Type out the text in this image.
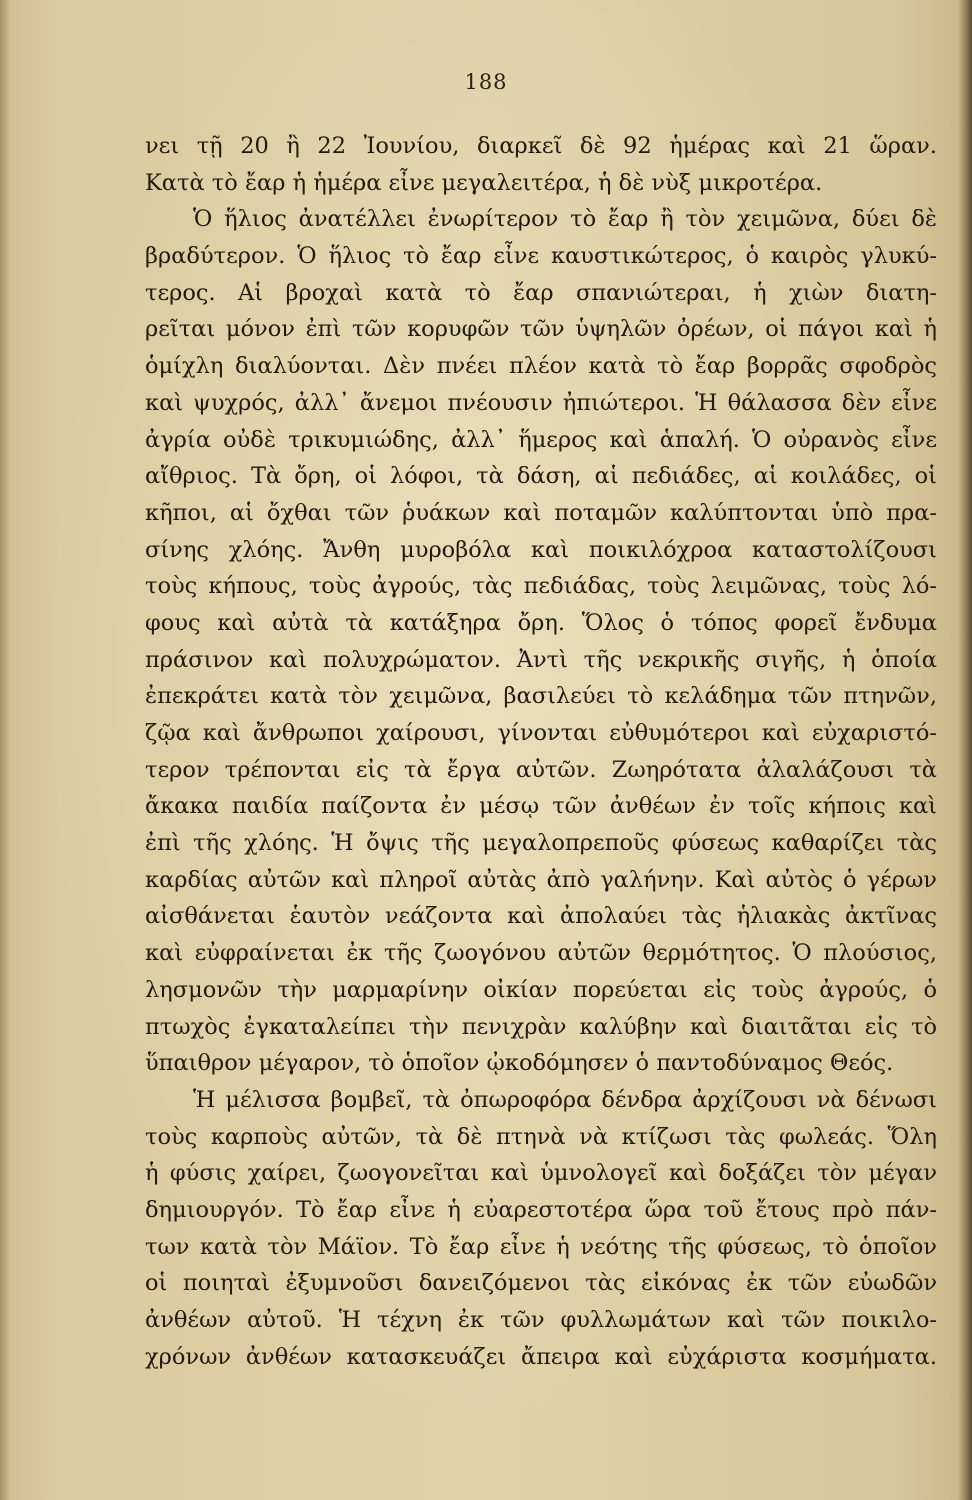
188
νει τῇ 20 ἢ 22 Ἰουνίου, διαρκεῖ δὲ 92 ἡμέρας καὶ 21 ὥραν.
Κατὰ τὸ ἔαρ ἡ ἡμέρα εἶνε μεγαλειτέρα, ἡ δὲ νὺξ μικροτέρα.
Ὁ ἥλιος ἀνατέλλει ἐνωρίτερον τὸ ἔαρ ἢ τὸν χειμῶνα, δύει δὲ
βραδύτερον. Ὁ ἥλιος τὸ ἔαρ εἶνε καυστικώτερος, ὁ καιρὸς γλυκύ-
τερος. Αἱ βροχαὶ κατὰ τὸ ἔαρ σπανιώτεραι, ἡ χιὼν διατη-
ρεῖται μόνον ἐπὶ τῶν κορυφῶν τῶν ὑψηλῶν ὀρέων, οἱ πάγοι καὶ ἡ
ὁμίχλη διαλύονται. Δὲν πνέει πλέον κατὰ τὸ ἔαρ βορρᾶς σφοδρὸς
καὶ ψυχρός, ἀλλ᾽ ἄνεμοι πνέουσιν ἠπιώτεροι. Ἡ θάλασσα δὲν εἶνε
ἀγρία οὐδὲ τρικυμιώδης, ἀλλ᾽ ἥμερος καὶ ἁπαλή. Ὁ οὐρανὸς εἶνε
αἴθριος. Τὰ ὄρη, οἱ λόφοι, τὰ δάση, αἱ πεδιάδες, αἱ κοιλάδες, οἱ
κῆποι, αἱ ὄχθαι τῶν ῥυάκων καὶ ποταμῶν καλύπτονται ὑπὸ πρα-
σίνης χλόης. Ἄνθη μυροβόλα καὶ ποικιλόχροα καταστολίζουσι
τοὺς κήπους, τοὺς ἀγρούς, τὰς πεδιάδας, τοὺς λειμῶνας, τοὺς λό-
φους καὶ αὐτὰ τὰ κατάξηρα ὄρη. Ὅλος ὁ τόπος φορεῖ ἔνδυμα
πράσινον καὶ πολυχρώματον. Ἀντὶ τῆς νεκρικῆς σιγῆς, ἡ ὁποία
ἐπεκράτει κατὰ τὸν χειμῶνα, βασιλεύει τὸ κελάδημα τῶν πτηνῶν,
ζῷα καὶ ἄνθρωποι χαίρουσι, γίνονται εὐθυμότεροι καὶ εὐχαριστό-
τερον τρέπονται εἰς τὰ ἔργα αὐτῶν. Ζωηρότατα ἀλαλάζουσι τὰ
ἄκακα παιδία παίζοντα ἐν μέσῳ τῶν ἀνθέων ἐν τοῖς κήποις καὶ
ἐπὶ τῆς χλόης. Ἡ ὄψις τῆς μεγαλοπρεποῦς φύσεως καθαρίζει τὰς
καρδίας αὐτῶν καὶ πληροῖ αὐτὰς ἀπὸ γαλήνην. Καὶ αὐτὸς ὁ γέρων
αἰσθάνεται ἑαυτὸν νεάζοντα καὶ ἀπολαύει τὰς ἡλιακὰς ἀκτῖνας
καὶ εὐφραίνεται ἐκ τῆς ζωογόνου αὐτῶν θερμότητος. Ὁ πλούσιος,
λησμονῶν τὴν μαρμαρίνην οἰκίαν πορεύεται εἰς τοὺς ἀγρούς, ὁ
πτωχὸς ἐγκαταλείπει τὴν πενιχρὰν καλύβην καὶ διαιτᾶται εἰς τὸ
ὕπαιθρον μέγαρον, τὸ ὁποῖον ᾠκοδόμησεν ὁ παντοδύναμος Θεός.
Ἡ μέλισσα βομβεῖ, τὰ ὀπωροφόρα δένδρα ἀρχίζουσι νὰ δένωσι
τοὺς καρποὺς αὐτῶν, τὰ δὲ πτηνὰ νὰ κτίζωσι τὰς φωλεάς. Ὅλη
ἡ φύσις χαίρει, ζωογονεῖται καὶ ὑμνολογεῖ καὶ δοξάζει τὸν μέγαν
δημιουργόν. Τὸ ἔαρ εἶνε ἡ εὐαρεστοτέρα ὥρα τοῦ ἔτους πρὸ πάν-
των κατὰ τὸν Μάϊον. Τὸ ἔαρ εἶνε ἡ νεότης τῆς φύσεως, τὸ ὁποῖον
οἱ ποιηταὶ ἐξυμνοῦσι δανειζόμενοι τὰς εἰκόνας ἐκ τῶν εὐωδῶν
ἀνθέων αὐτοῦ. Ἡ τέχνη ἐκ τῶν φυλλωμάτων καὶ τῶν ποικιλο-
χρόνων ἀνθέων κατασκευάζει ἄπειρα καὶ εὐχάριστα κοσμήματα.
